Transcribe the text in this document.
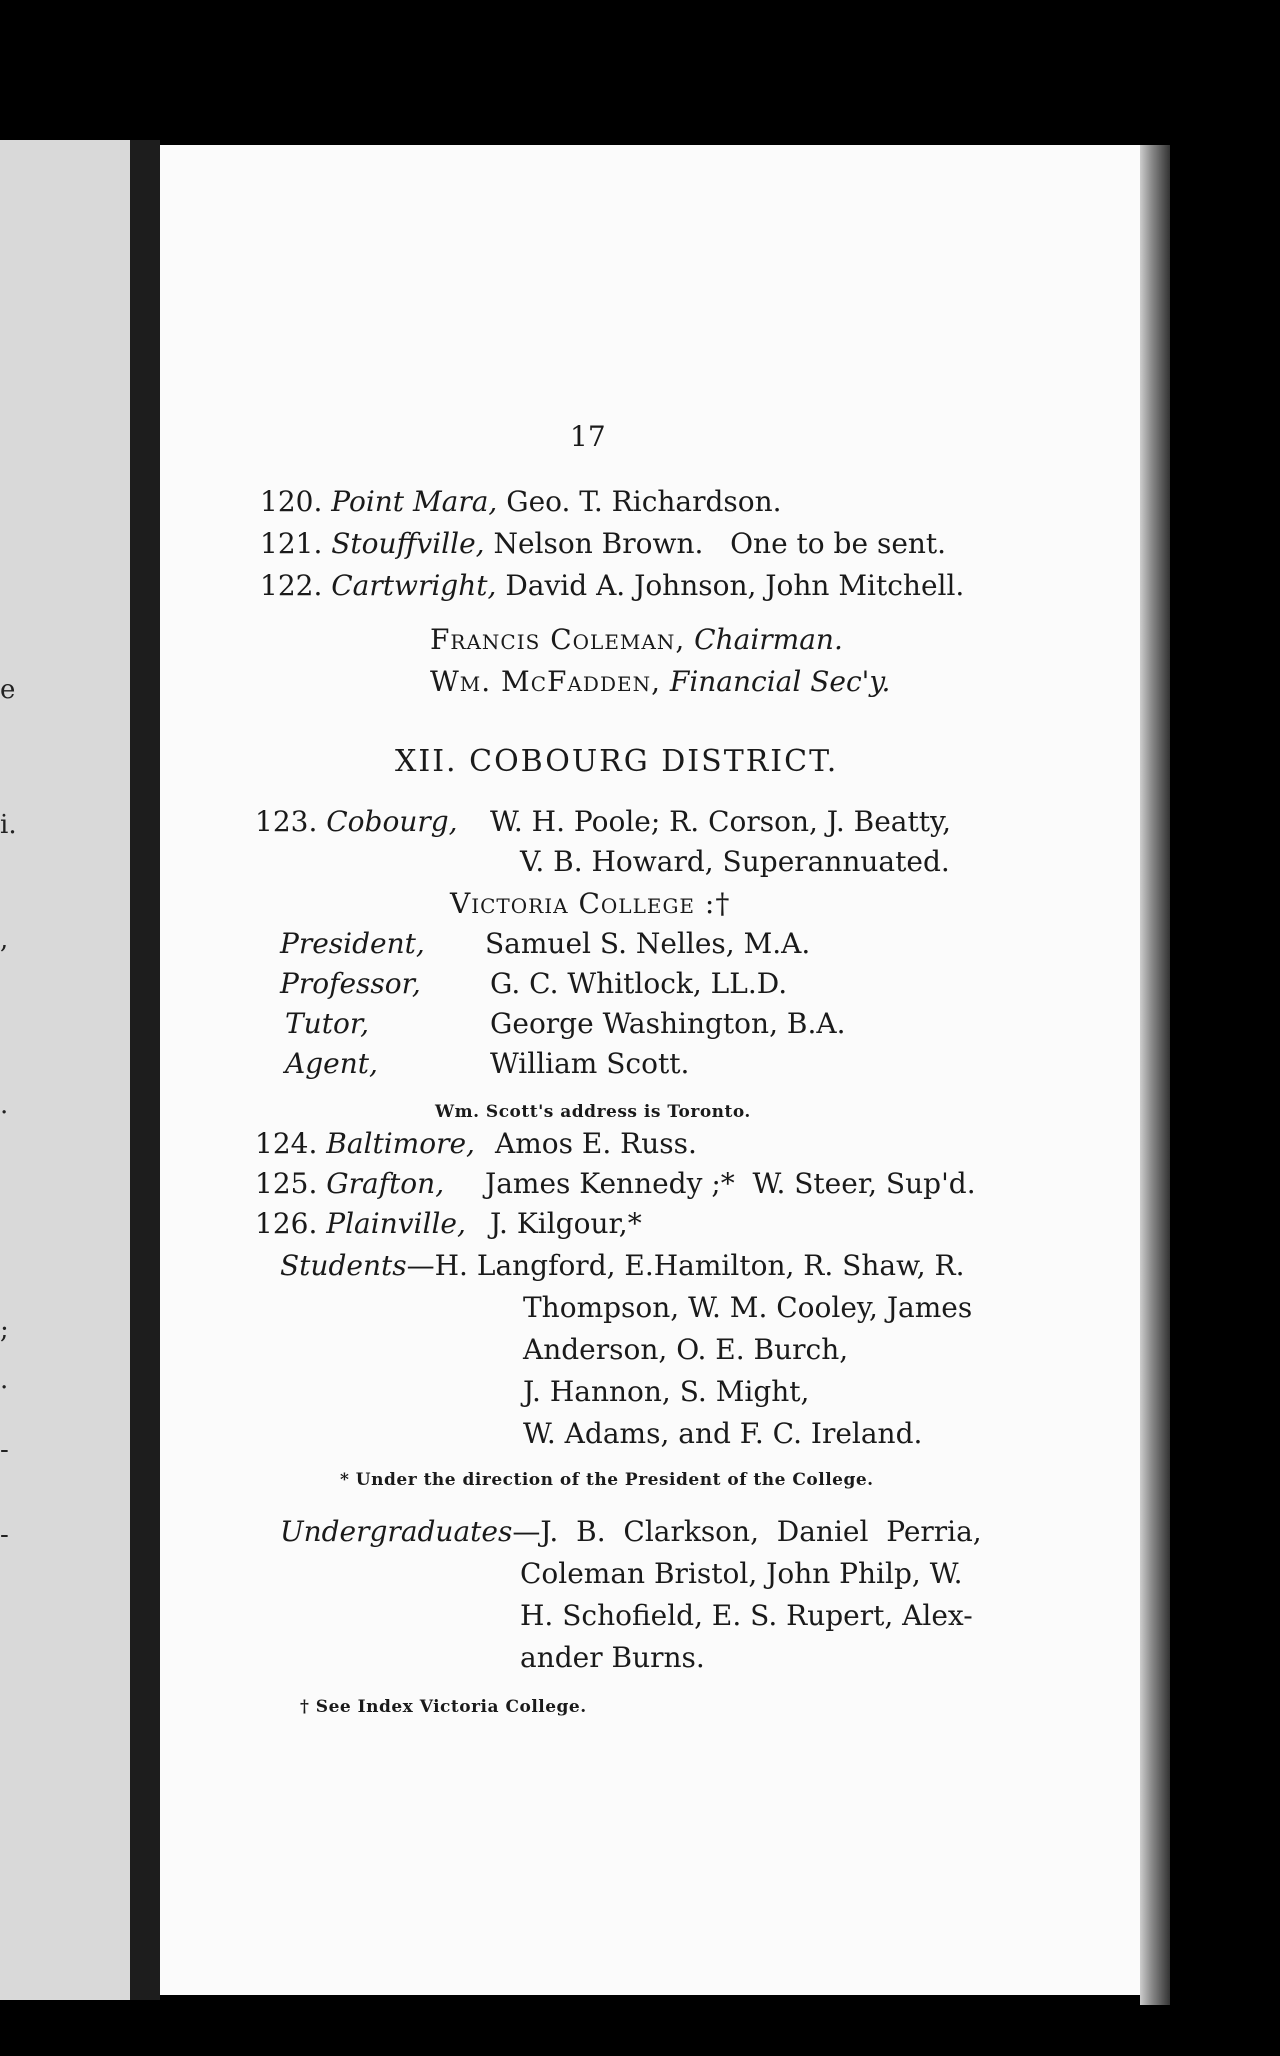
e
i.
,
.
;
.
-
-
17
120. Point Mara, Geo. T. Richardson.
121. Stouffville, Nelson Brown.   One to be sent.
122. Cartwright, David A. Johnson, John Mitchell.
Francis Coleman, Chairman.
Wm. McFadden, Financial Sec'y.
XII. COBOURG DISTRICT.
123. Cobourg, W. H. Poole; R. Corson, J. Beatty,
V. B. Howard, Superannuated.
Victoria College :†
President, Samuel S. Nelles, M.A.
Professor, G. C. Whitlock, LL.D.
Tutor,	George Washington, B.A.
Agent,	William Scott.
Wm. Scott's address is Toronto.
124. Baltimore, Amos E. Russ.
125. Grafton, James Kennedy ;*  W. Steer, Sup'd.
126. Plainville, J. Kilgour,*
Students—H. Langford, E.Hamilton, R. Shaw, R.
Thompson, W. M. Cooley, James
Anderson, O. E. Burch,
J. Hannon, S. Might,
W. Adams, and F. C. Ireland.
* Under the direction of the President of the College.
Undergraduates—J.  B.  Clarkson,  Daniel  Perria,
Coleman Bristol, John Philp, W.
H. Schofield, E. S. Rupert, Alex-
ander Burns.
† See Index Victoria College.
